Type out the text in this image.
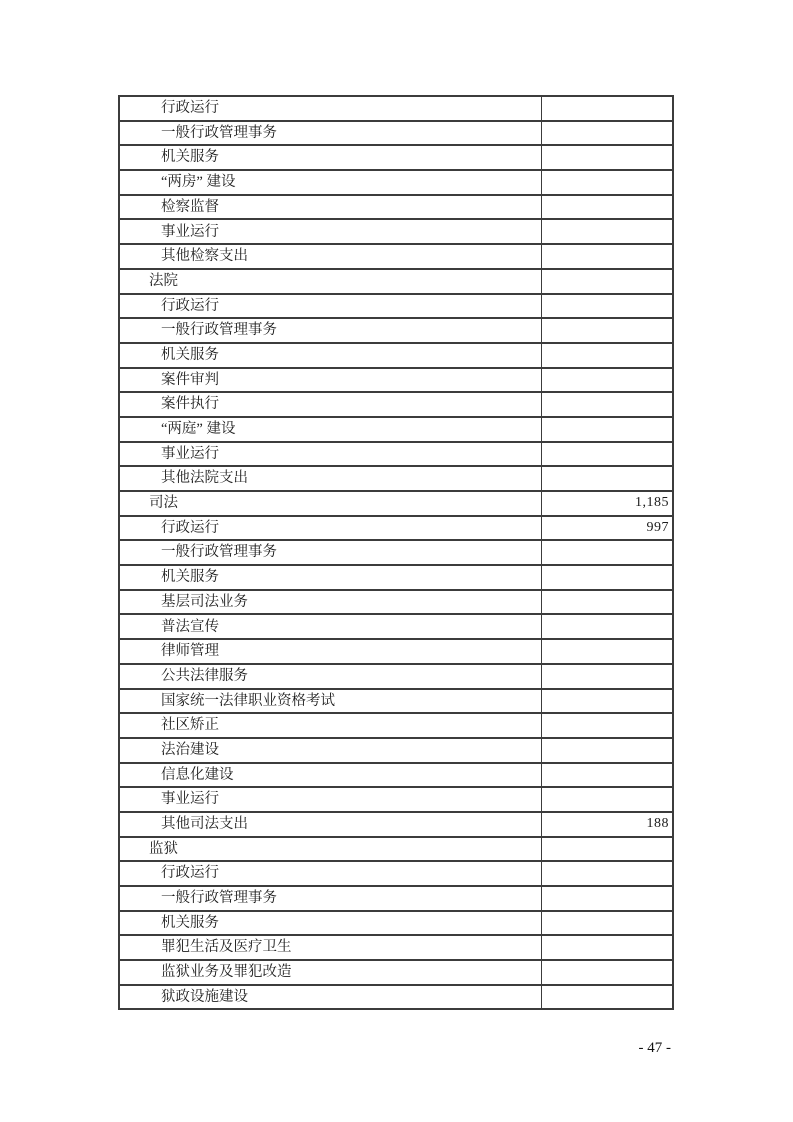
行政运行	
一般行政管理事务	
机关服务	
“两房” 建设	
检察监督	
事业运行	
其他检察支出	
法院	
行政运行	
一般行政管理事务	
机关服务	
案件审判	
案件执行	
“两庭” 建设	
事业运行	
其他法院支出	
司法	1,185
行政运行	997
一般行政管理事务	
机关服务	
基层司法业务	
普法宣传	
律师管理	
公共法律服务	
国家统一法律职业资格考试	
社区矫正	
法治建设	
信息化建设	
事业运行	
其他司法支出	188
监狱	
行政运行	
一般行政管理事务	
机关服务	
罪犯生活及医疗卫生	
监狱业务及罪犯改造	
狱政设施建设	
- 47 -
